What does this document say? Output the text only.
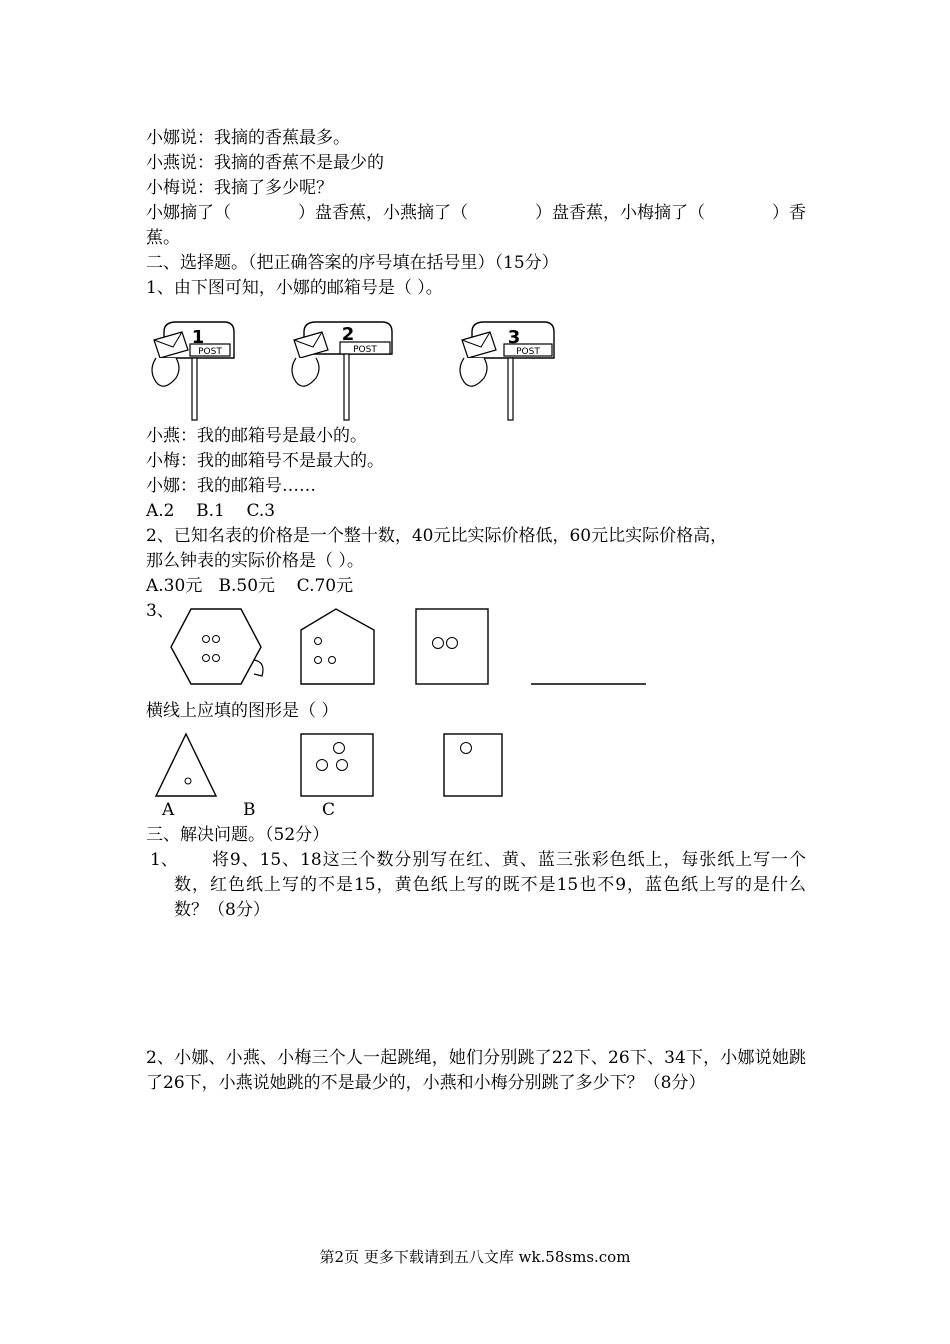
小娜说：我摘的香蕉最多。
小燕说：我摘的香蕉不是最少的
小梅说：我摘了多少呢？
小娜摘了（	）盘香蕉，小燕摘了（	）盘香蕉，小梅摘了（	）香
蕉。
二、选择题。（把正确答案的序号填在括号里）（15分）
1、由下图可知，小娜的邮箱号是（ ）。
POST
1
POST
2
POST
3
小燕：我的邮箱号是最小的。
小梅：我的邮箱号不是最大的。
小娜：我的邮箱号……
A.2    B.1    C.3
2、已知名表的价格是一个整十数，40元比实际价格低，60元比实际价格高，
那么钟表的实际价格是（ ）。
A.30元   B.50元    C.70元
3、
横线上应填的图形是（ ）
A	B	C
三、解决问题。（52分）
1、	将9、15、18这三个数分别写在红、黄、蓝三张彩色纸上，每张纸上写一个数，红色纸上写的不是15，黄色纸上写的既不是15也不9，蓝色纸上写的是什么数？（8分）
2、小娜、小燕、小梅三个人一起跳绳，她们分别跳了22下、26下、34下，小娜说她跳了26下，小燕说她跳的不是最少的，小燕和小梅分别跳了多少下？（8分）
第2页 更多下载请到五八文库 wk.58sms.com
